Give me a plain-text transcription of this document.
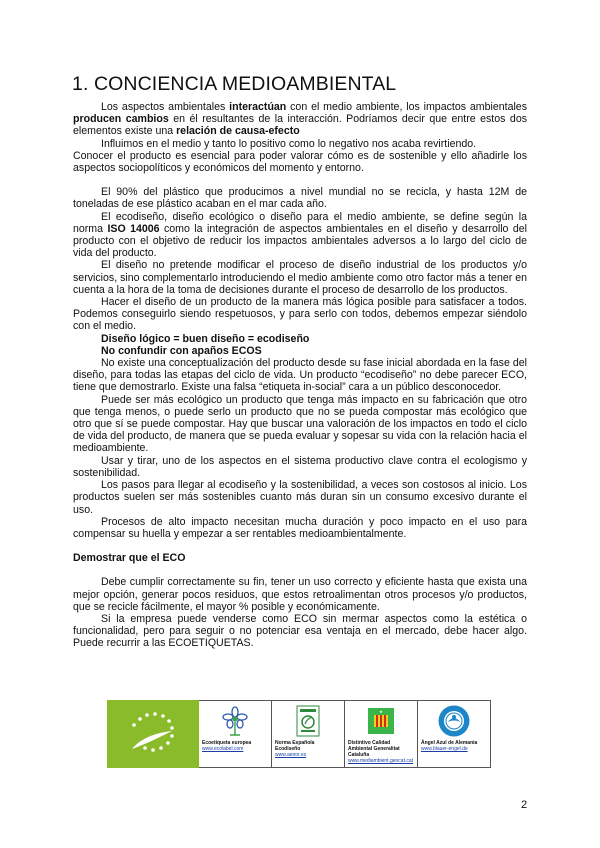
1. CONCIENCIA MEDIOAMBIENTAL

Los aspectos ambientales interactúan con el medio ambiente, los impactos ambientales producen cambios en él resultantes de la interacción. Podríamos decir que entre estos dos elementos existe una relación de causa-efecto

Influimos en el medio y tanto lo positivo como lo negativo nos acaba revirtiendo.

Conocer el producto es esencial para poder valorar cómo es de sostenible y ello añadirle los aspectos sociopolíticos y económicos del momento y entorno.

El 90% del plástico que producimos a nivel mundial no se recicla, y hasta 12M de toneladas de ese plástico acaban en el mar cada año.

El ecodiseño, diseño ecológico o diseño para el medio ambiente, se define según la norma ISO 14006 como la integración de aspectos ambientales en el diseño y desarrollo del producto con el objetivo de reducir los impactos ambientales adversos a lo largo del ciclo de vida del producto.

El diseño no pretende modificar el proceso de diseño industrial de los productos y/o servicios, sino complementarlo introduciendo el medio ambiente como otro factor más a tener en cuenta a la hora de la toma de decisiones durante el proceso de desarrollo de los productos.

Hacer el diseño de un producto de la manera más lógica posible para satisfacer a todos. Podemos conseguirlo siendo respetuosos, y para serlo con todos, debemos empezar siéndolo con el medio.

Diseño lógico = buen diseño = ecodiseño

No confundir con apaños ECOS

No existe una conceptualización del producto desde su fase inicial abordada en la fase del diseño, para todas las etapas del ciclo de vida. Un producto “ecodiseño” no debe parecer ECO, tiene que demostrarlo. Existe una falsa “etiqueta in-social” cara a un público desconocedor.

Puede ser más ecológico un producto que tenga más impacto en su fabricación que otro que tenga menos, o puede serlo un producto que no se pueda compostar más ecológico que otro que sí se puede compostar. Hay que buscar una valoración de los impactos en todo el ciclo de vida del producto, de manera que se pueda evaluar y sopesar su vida con la relación hacia el medioambiente.

Usar y tirar, uno de los aspectos en el sistema productivo clave contra el ecologismo y sostenibilidad.

Los pasos para llegar al ecodiseño y la sostenibilidad, a veces son costosos al inicio. Los productos suelen ser más sostenibles cuanto más duran sin un consumo excesivo durante el uso.

Procesos de alto impacto necesitan mucha duración y poco impacto en el uso para compensar su huella y empezar a ser rentables medioambientalmente.

Demostrar que el ECO

Debe cumplir correctamente su fin, tener un uso correcto y eficiente hasta que exista una mejor opción, generar pocos residuos, que estos retroalimentan otros procesos y/o productos, que se recicle fácilmente, el mayor % posible y económicamente.

Si la empresa puede venderse como ECO sin mermar aspectos como la estética o funcionalidad, pero para seguir o no potenciar esa ventaja en el mercado, debe hacer algo. Puede recurrir a las ECOETIQUETAS.

Ecoetiqueta europea
www.ecolabel.com
Norma Española Ecodiseño
www.aenor.es
★
Distintivo Calidad Ambiental Generalitat Cataluña
www.mediambient.gencat.cat
Ángel Azul de Alemania
www.blauer-engel.de
2
